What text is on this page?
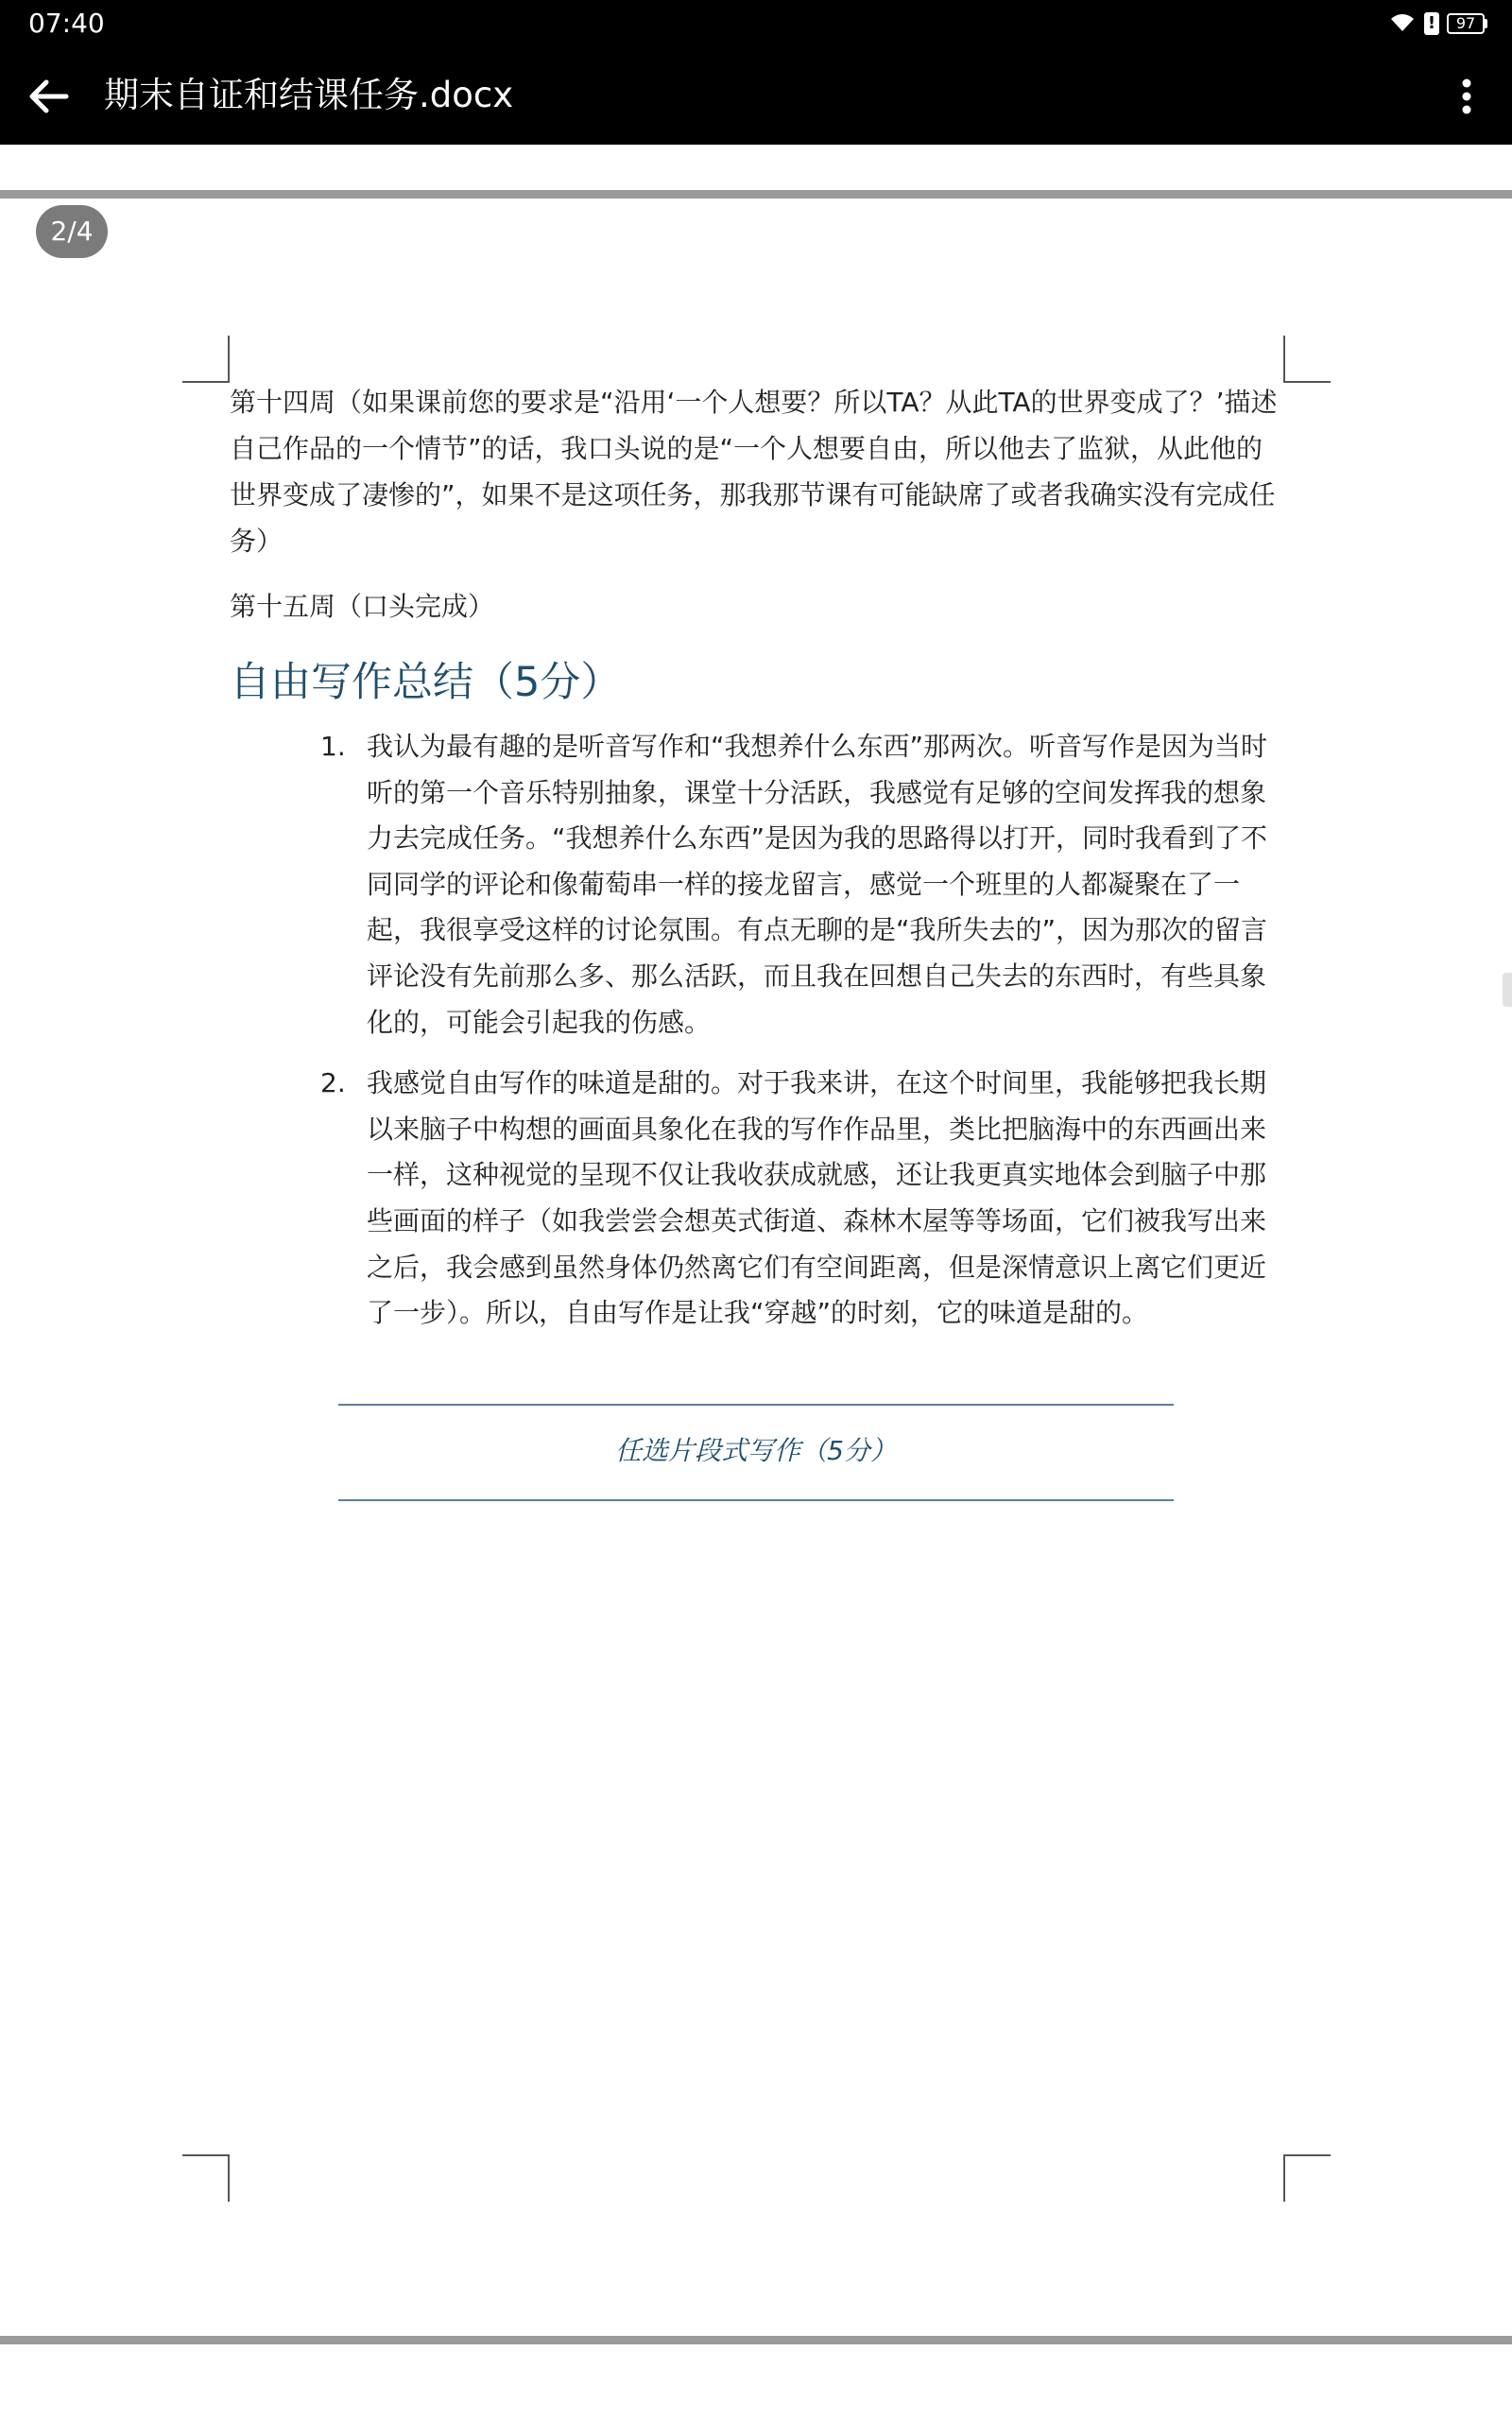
07:40	!	97
期末自证和结课任务.docx
2/4

第十四周（如果课前您的要求是“沿用‘一个人想要？所以TA？从此TA的世界变成了？’描述自己作品的一个情节”的话，我口头说的是“一个人想要自由，所以他去了监狱，从此他的世界变成了凄惨的”，如果不是这项任务，那我那节课有可能缺席了或者我确实没有完成任务）

第十五周（口头完成）

自由写作总结（5分）
1. 我认为最有趣的是听音写作和“我想养什么东西”那两次。听音写作是因为当时听的第一个音乐特别抽象，课堂十分活跃，我感觉有足够的空间发挥我的想象力去完成任务。“我想养什么东西”是因为我的思路得以打开，同时我看到了不同同学的评论和像葡萄串一样的接龙留言，感觉一个班里的人都凝聚在了一起，我很享受这样的讨论氛围。有点无聊的是“我所失去的”，因为那次的留言评论没有先前那么多、那么活跃，而且我在回想自己失去的东西时，有些具象化的，可能会引起我的伤感。
2. 我感觉自由写作的味道是甜的。对于我来讲，在这个时间里，我能够把我长期以来脑子中构想的画面具象化在我的写作作品里，类比把脑海中的东西画出来一样，这种视觉的呈现不仅让我收获成就感，还让我更真实地体会到脑子中那些画面的样子（如我尝尝会想英式街道、森林木屋等等场面，它们被我写出来之后，我会感到虽然身体仍然离它们有空间距离，但是深情意识上离它们更近了一步）。所以，自由写作是让我“穿越”的时刻，它的味道是甜的。
任选片段式写作（5分）
